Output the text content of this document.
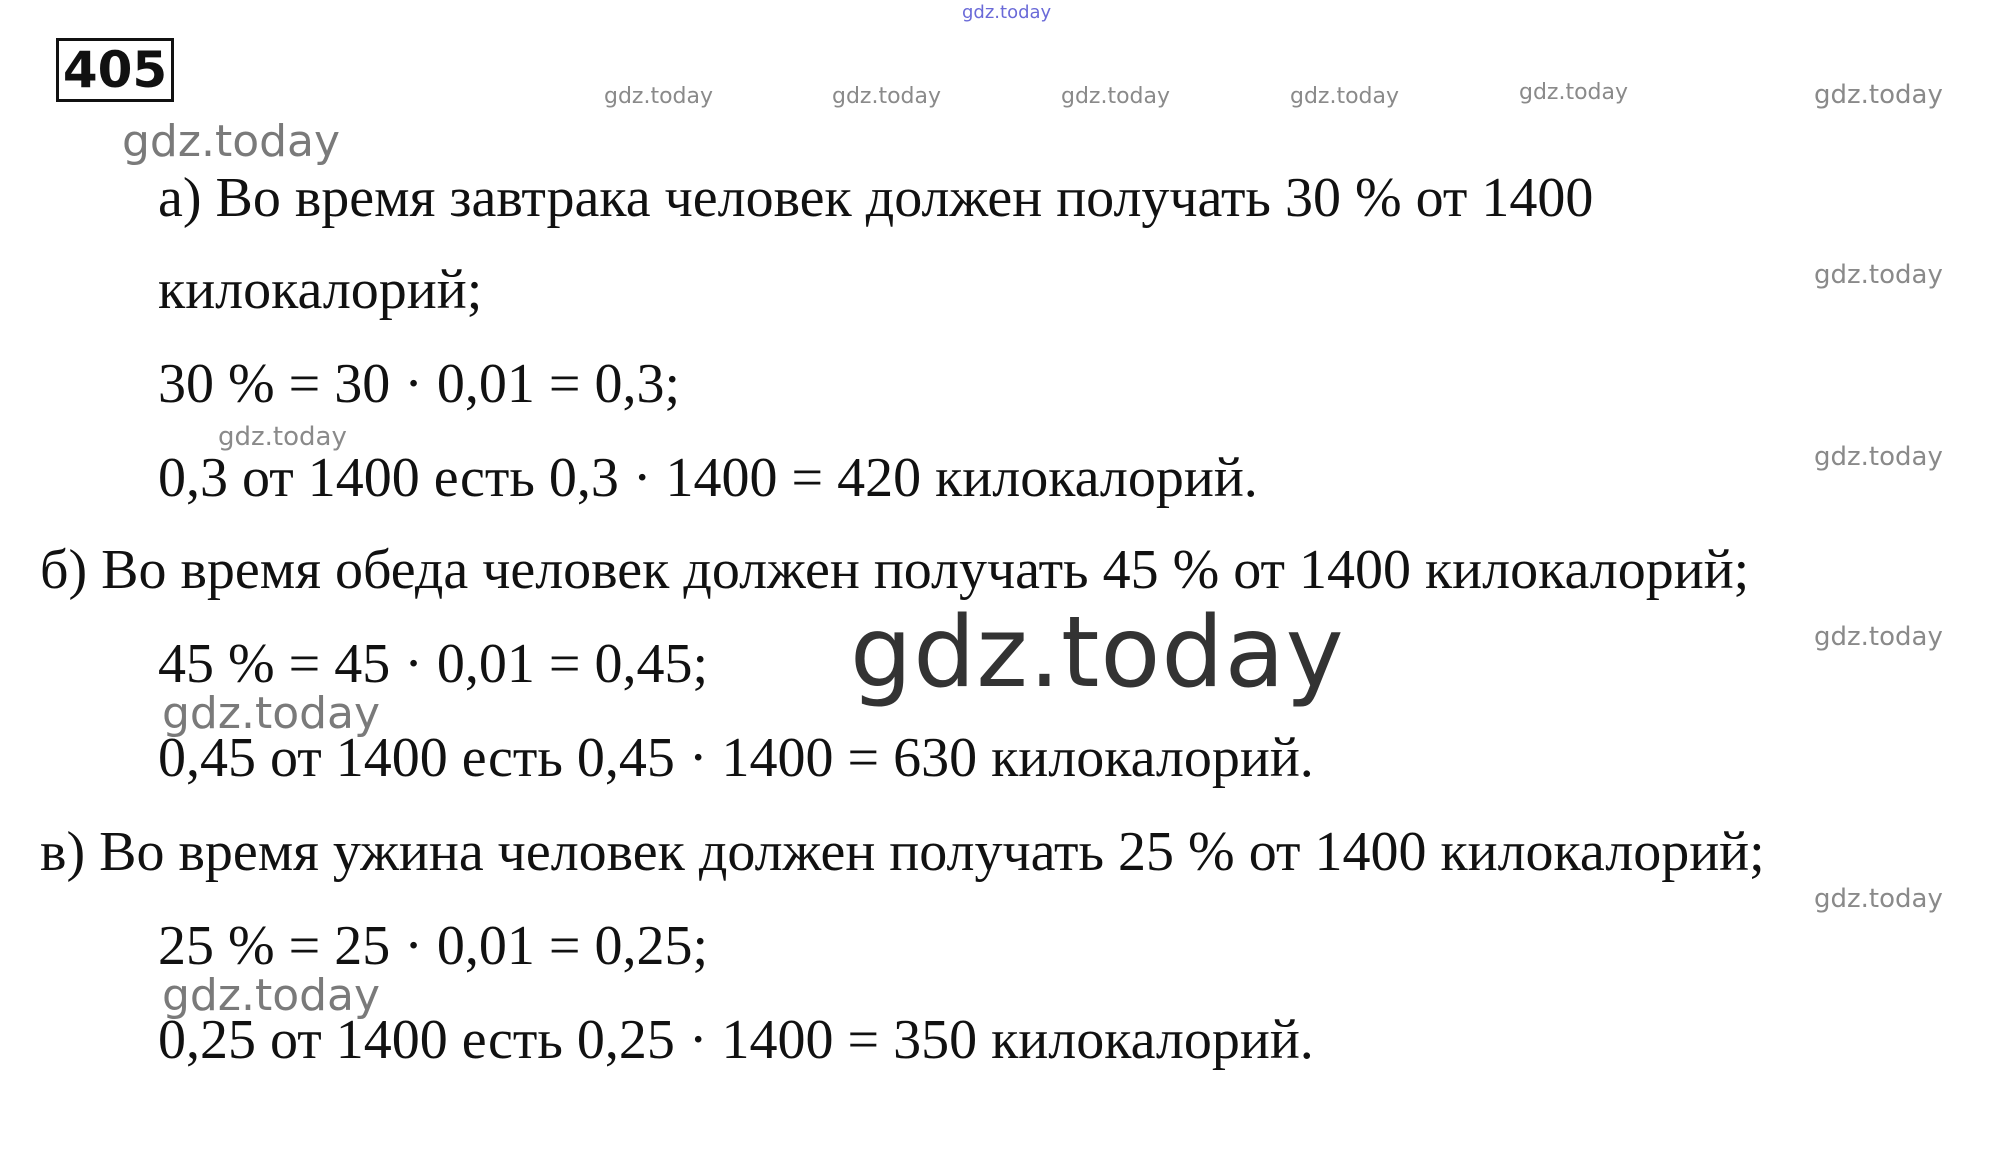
405
а) Во время завтрака человек должен получать 30 % от 1400
килокалорий;
30 % = 30 · 0,01 = 0,3;
0,3 от 1400 есть 0,3 · 1400 = 420 килокалорий.
б) Во время обеда человек должен получать 45 % от 1400 килокалорий;
45 % = 45 · 0,01 = 0,45;
0,45 от 1400 есть 0,45 · 1400 = 630 килокалорий.
в) Во время ужина человек должен получать 25 % от 1400 килокалорий;
25 % = 25 · 0,01 = 0,25;
0,25 от 1400 есть 0,25 · 1400 = 350 килокалорий.
gdz.today
gdz.today	gdz.today	gdz.today	gdz.today	gdz.today	gdz.today
gdz.today
gdz.today
gdz.today
gdz.today
gdz.today
gdz.today
gdz.today
gdz.today
gdz.today
